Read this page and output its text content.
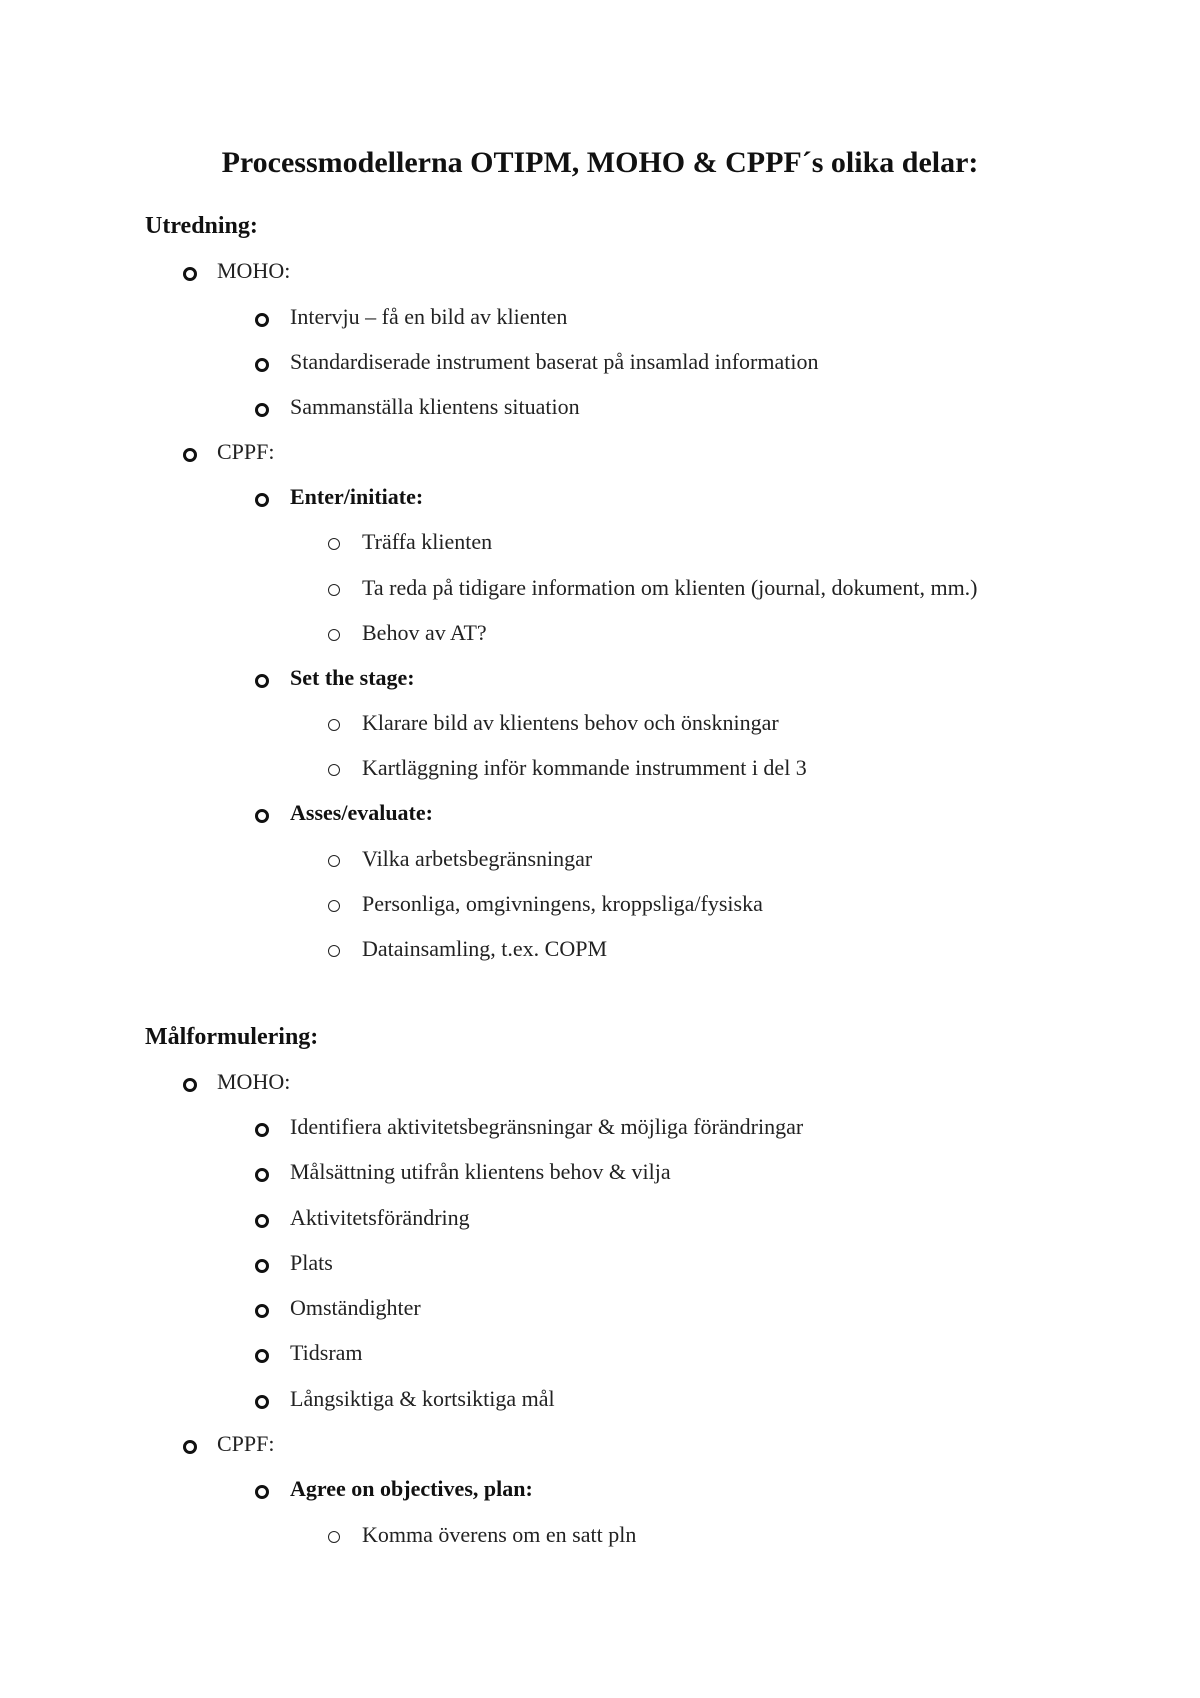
Processmodellerna OTIPM, MOHO & CPPF´s olika delar:
Utredning:
MOHO:
Intervju – få en bild av klienten
Standardiserade instrument baserat på insamlad information
Sammanställa klientens situation
CPPF:
Enter/initiate:
Träffa klienten
Ta reda på tidigare information om klienten (journal, dokument, mm.)
Behov av AT?
Set the stage:
Klarare bild av klientens behov och önskningar
Kartläggning inför kommande instrumment i del 3
Asses/evaluate:
Vilka arbetsbegränsningar
Personliga, omgivningens, kroppsliga/fysiska
Datainsamling, t.ex. COPM
Målformulering:
MOHO:
Identifiera aktivitetsbegränsningar & möjliga förändringar
Målsättning utifrån klientens behov & vilja
Aktivitetsförändring
Plats
Omständighter
Tidsram
Långsiktiga & kortsiktiga mål
CPPF:
Agree on objectives, plan:
Komma överens om en satt pln
